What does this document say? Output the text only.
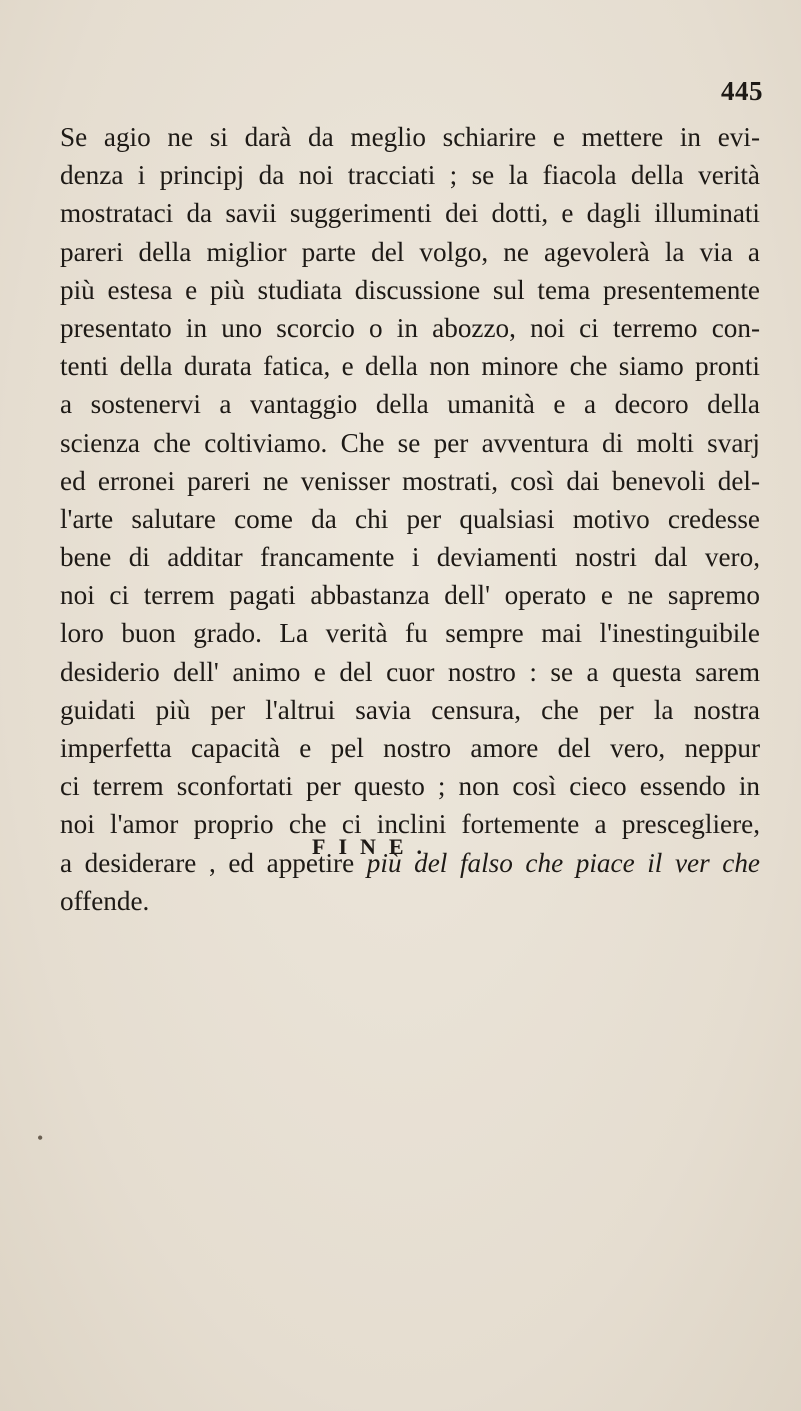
445
Se agio ne si darà da meglio schiarire e mettere in evi-
denza i principj da noi tracciati ; se la fiacola della verità
mostrataci da savii suggerimenti dei dotti, e dagli illuminati
pareri della miglior parte del volgo, ne agevolerà la via a
più estesa e più studiata discussione sul tema presentemente
presentato in uno scorcio o in abozzo, noi ci terremo con-
tenti della durata fatica, e della non minore che siamo pronti
a sostenervi a vantaggio della umanità e a decoro della
scienza che coltiviamo. Che se per avventura di molti svarj
ed erronei pareri ne venisser mostrati, così dai benevoli del-
l'arte salutare come da chi per qualsiasi motivo credesse
bene di additar francamente i deviamenti nostri dal vero,
noi ci terrem pagati abbastanza dell' operato e ne sapremo
loro buon grado. La verità fu sempre mai l'inestinguibile
desiderio dell' animo e del cuor nostro : se a questa sarem
guidati più per l'altrui savia censura, che per la nostra
imperfetta capacità e pel nostro amore del vero, neppur
ci terrem sconfortati per questo ; non così cieco essendo in
noi l'amor proprio che ci inclini fortemente a prescegliere,
a desiderare , ed appetire più del falso che piace il ver che
offende.
FINE.
•
